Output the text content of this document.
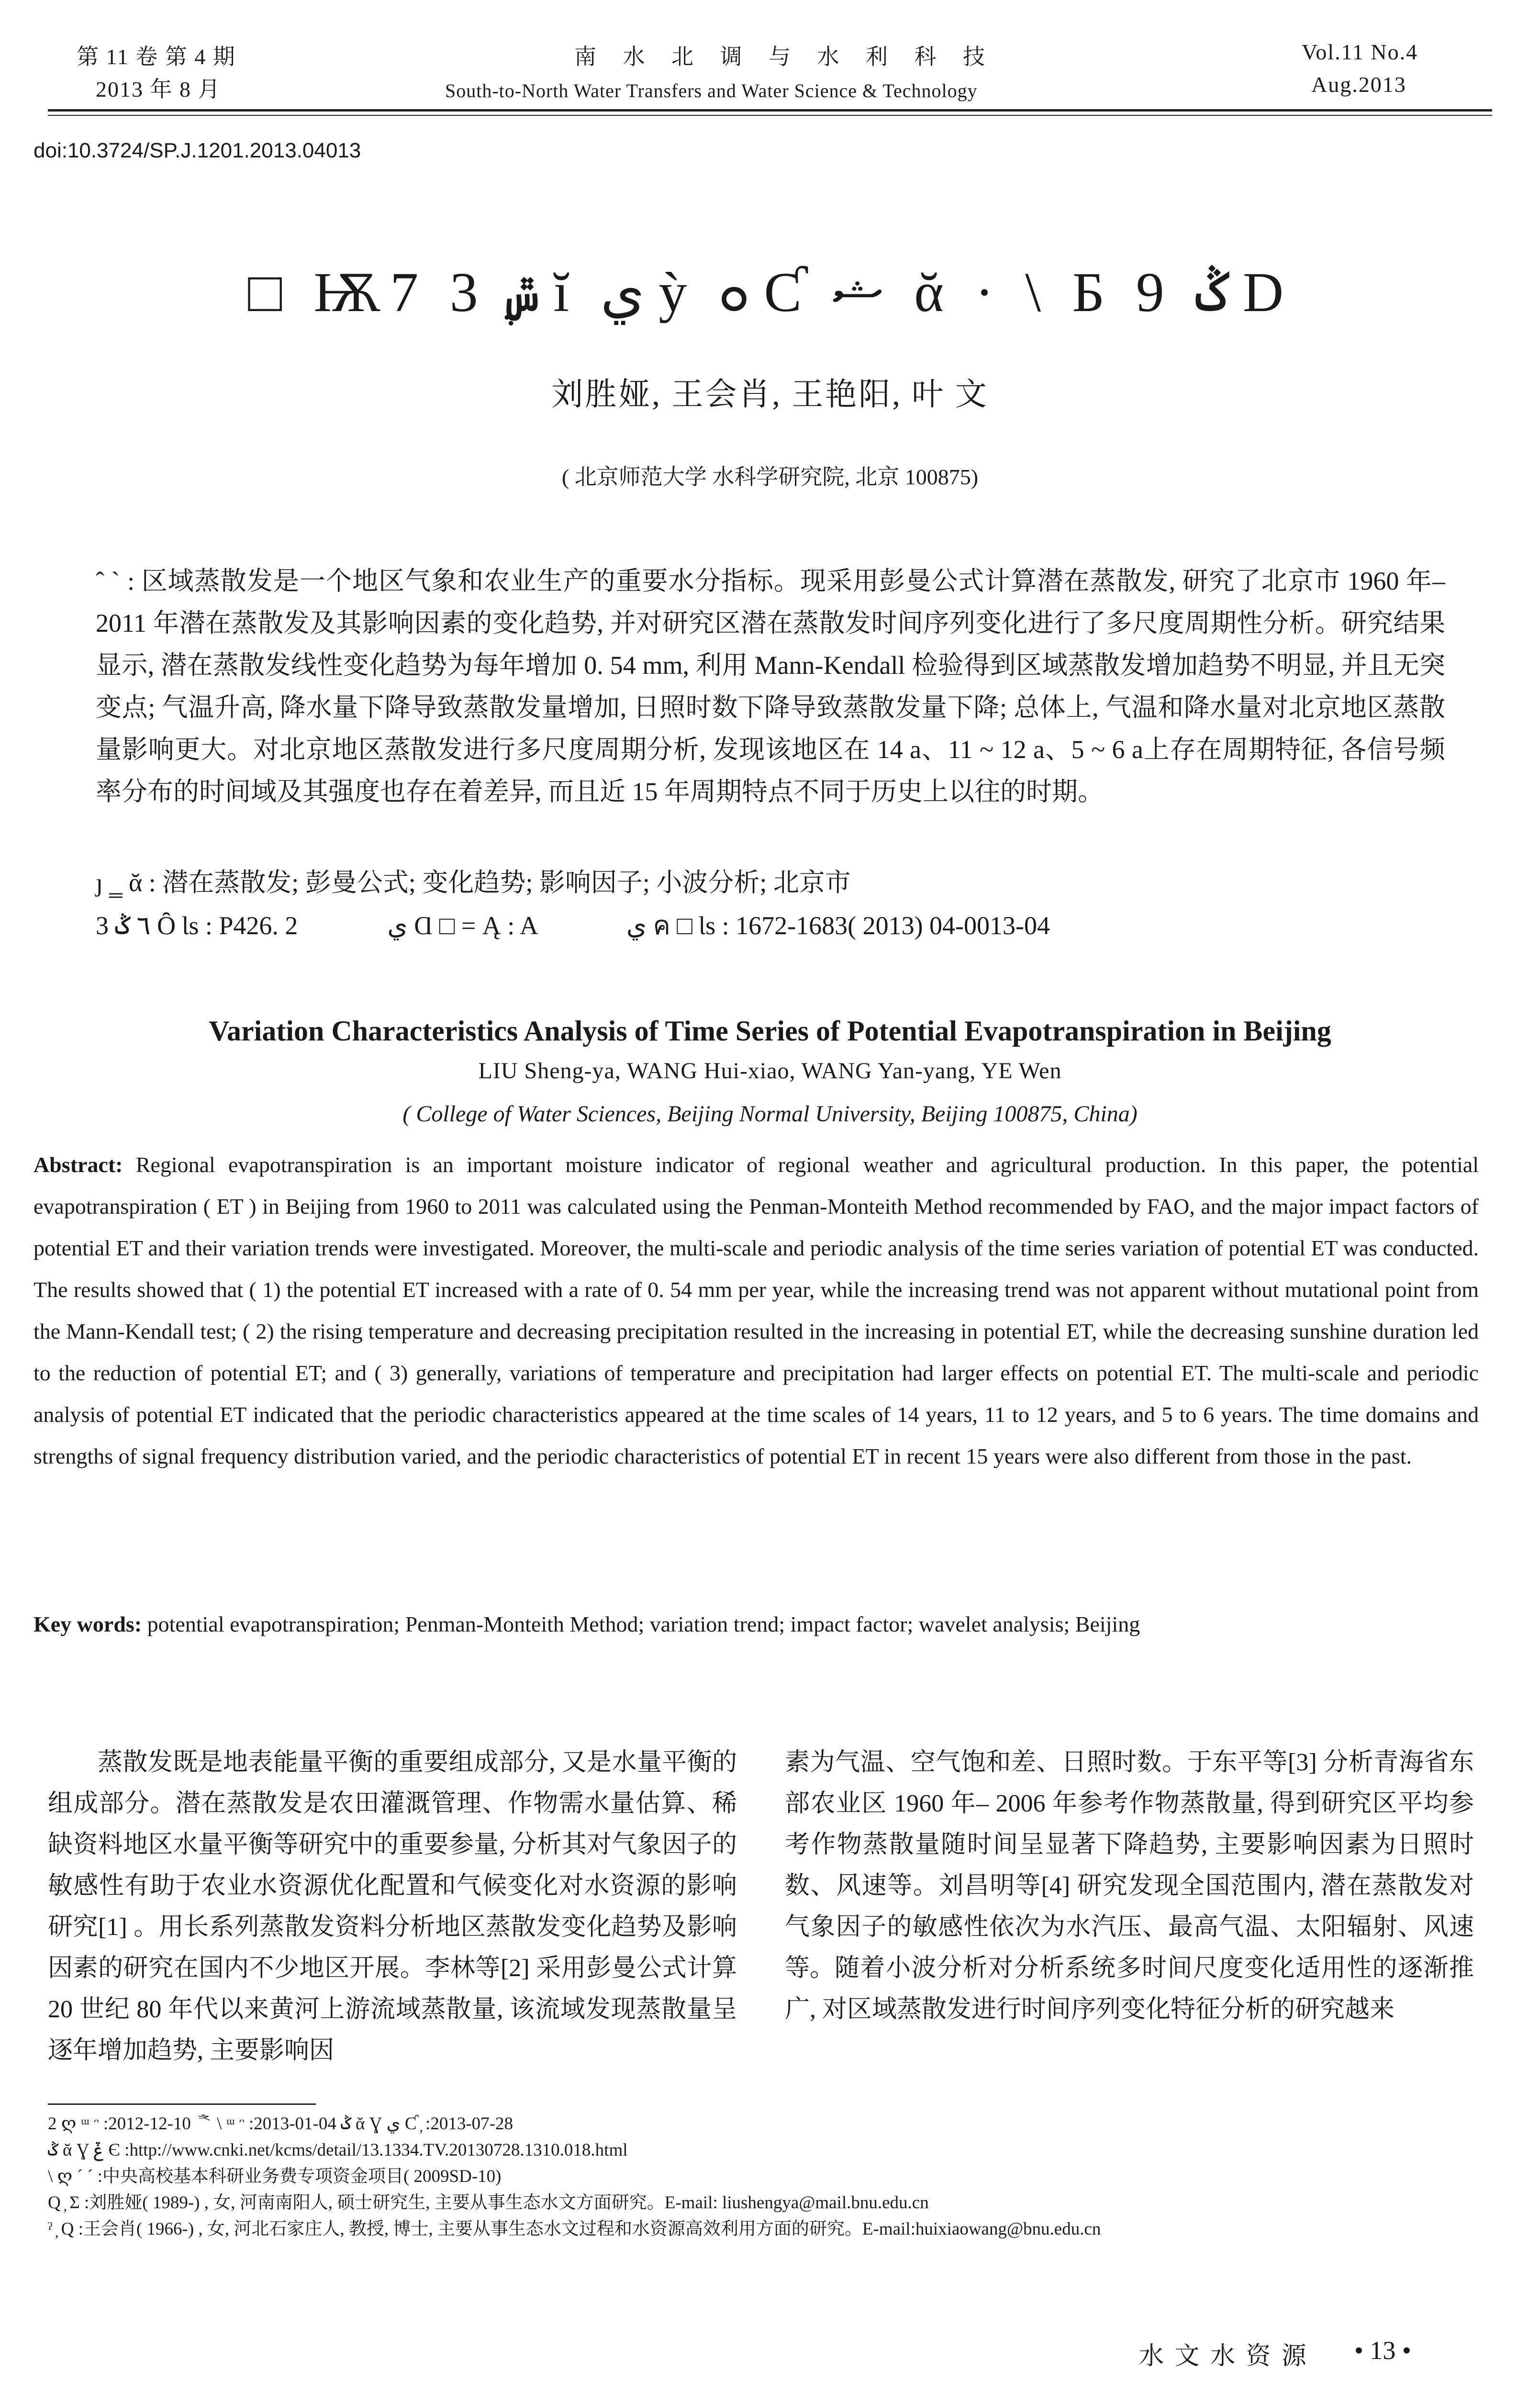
第 11 卷 第 4 期
2013 年 8 月
南 水 北 调 与 水 利 科 技
South-to-North Water Transfers and Water Science & Technology
Vol.11 No.4
Aug.2013
doi:10.3724/SP.J.1201.2013.04013
□ Ѭ7 ݜ ݆ 3 ĭ ي ỳ ܘ Ƈ ޝ ᾰ · \ Б 9 ݣ D
刘胜娅, 王会肖, 王艳阳, 叶 文
( 北京师范大学 水科学研究院, 北京 100875)
ˆ ˋ : 区域蒸散发是一个地区气象和农业生产的重要水分指标。现采用彭曼公式计算潜在蒸散发, 研究了北京市 1960 年– 2011 年潜在蒸散发及其影响因素的变化趋势, 并对研究区潜在蒸散发时间序列变化进行了多尺度周期性分析。研究结果显示, 潜在蒸散发线性变化趋势为每年增加 0. 54 mm, 利用 Mann-Kendall 检验得到区域蒸散发增加趋势不明显, 并且无突变点; 气温升高, 降水量下降导致蒸散发量增加, 日照时数下降导致蒸散发量下降; 总体上, 气温和降水量对北京地区蒸散量影响更大。对北京地区蒸散发进行多尺度周期分析, 发现该地区在 14 a、11 ~ 12 a、5 ~ 6 a上存在周期特征, 各信号频率分布的时间域及其强度也存在着差异, 而且近 15 年周期特点不同于历史上以往的时期。
ȷ ‗ ᾰ : 潜在蒸散发; 彭曼公式; 变化趋势; 影响因子; 小波分析; 北京市
3 ٦ ݣ Ȏ Ɩs : P426. 2	ي Ɑ □ = Ą : A	ي ค □ Ɩs : 1672-1683( 2013) 04-0013-04
Variation Characteristics Analysis of Time Series of Potential Evapotranspiration in Beijing
LIU Sheng-ya, WANG Hui-xiao, WANG Yan-yang, YE Wen
( College of Water Sciences, Beijing Normal University, Beijing 100875, China)
Abstract: Regional evapotranspiration is an important moisture indicator of regional weather and agricultural production. In this paper, the potential evapotranspiration ( ET ) in Beijing from 1960 to 2011 was calculated using the Penman-Monteith Method recommended by FAO, and the major impact factors of potential ET and their variation trends were investigated. Moreover, the multi-scale and periodic analysis of the time series variation of potential ET was conducted. The results showed that ( 1) the potential ET increased with a rate of 0. 54 mm per year, while the increasing trend was not apparent without mutational point from the Mann-Kendall test; ( 2) the rising temperature and decreasing precipitation resulted in the increasing in potential ET, while the decreasing sunshine duration led to the reduction of potential ET; and ( 3) generally, variations of temperature and precipitation had larger effects on potential ET. The multi-scale and periodic analysis of potential ET indicated that the periodic characteristics appeared at the time scales of 14 years, 11 to 12 years, and 5 to 6 years. The time domains and strengths of signal frequency distribution varied, and the periodic characteristics of potential ET in recent 15 years were also different from those in the past.
Key words: potential evapotranspiration; Penman-Monteith Method; variation trend; impact factor; wavelet analysis; Beijing
蒸散发既是地表能量平衡的重要组成部分, 又是水量平衡的组成部分。潜在蒸散发是农田灌溉管理、作物需水量估算、稀缺资料地区水量平衡等研究中的重要参量, 分析其对气象因子的敏感性有助于农业水资源优化配置和气候变化对水资源的影响研究[1] 。用长系列蒸散发资料分析地区蒸散发变化趋势及影响因素的研究在国内不少地区开展。李林等[2] 采用彭曼公式计算 20 世纪 80 年代以来黄河上游流域蒸散量, 该流域发现蒸散量呈逐年增加趋势, 主要影响因
素为气温、空气饱和差、日照时数。于东平等[3] 分析青海省东部农业区 1960 年– 2006 年参考作物蒸散量, 得到研究区平均参考作物蒸散量随时间呈显著下降趋势, 主要影响因素为日照时数、风速等。刘昌明等[4] 研究发现全国范围内, 潜在蒸散发对气象因子的敏感性依次为水汽压、最高气温、太阳辐射、风速等。 随着小波分析对分析系统多时间尺度变化适用性的逐渐推广, 对区域蒸散发进行时间序列变化特征分析的研究越来
2 ღ ᵚ ᵔ :2012-12-10 ᅕ \ ᵚ ᵔ :2013-01-04 ݣ ᾰ Ɣ ي Ƈ ̦ :2013-07-28
ݣ ᾰ Ɣ ݞ Є :http://www.cnki.net/kcms/detail/13.1334.TV.20130728.1310.018.html
\ ღ ˊ ˊ :中央高校基本科研业务费专项资金项目( 2009SD-10)
Q ̦ Σ :刘胜娅( 1989-) , 女, 河南南阳人, 硕士研究生, 主要从事生态水文方面研究。E-mail: liushengya@mail.bnu.edu.cn
ˀ ̦ Q :王会肖( 1966-) , 女, 河北石家庄人, 教授, 博士, 主要从事生态水文过程和水资源高效利用方面的研究。E-mail:huixiaowang@bnu.edu.cn
水 文 水 资 源 • 13 •
